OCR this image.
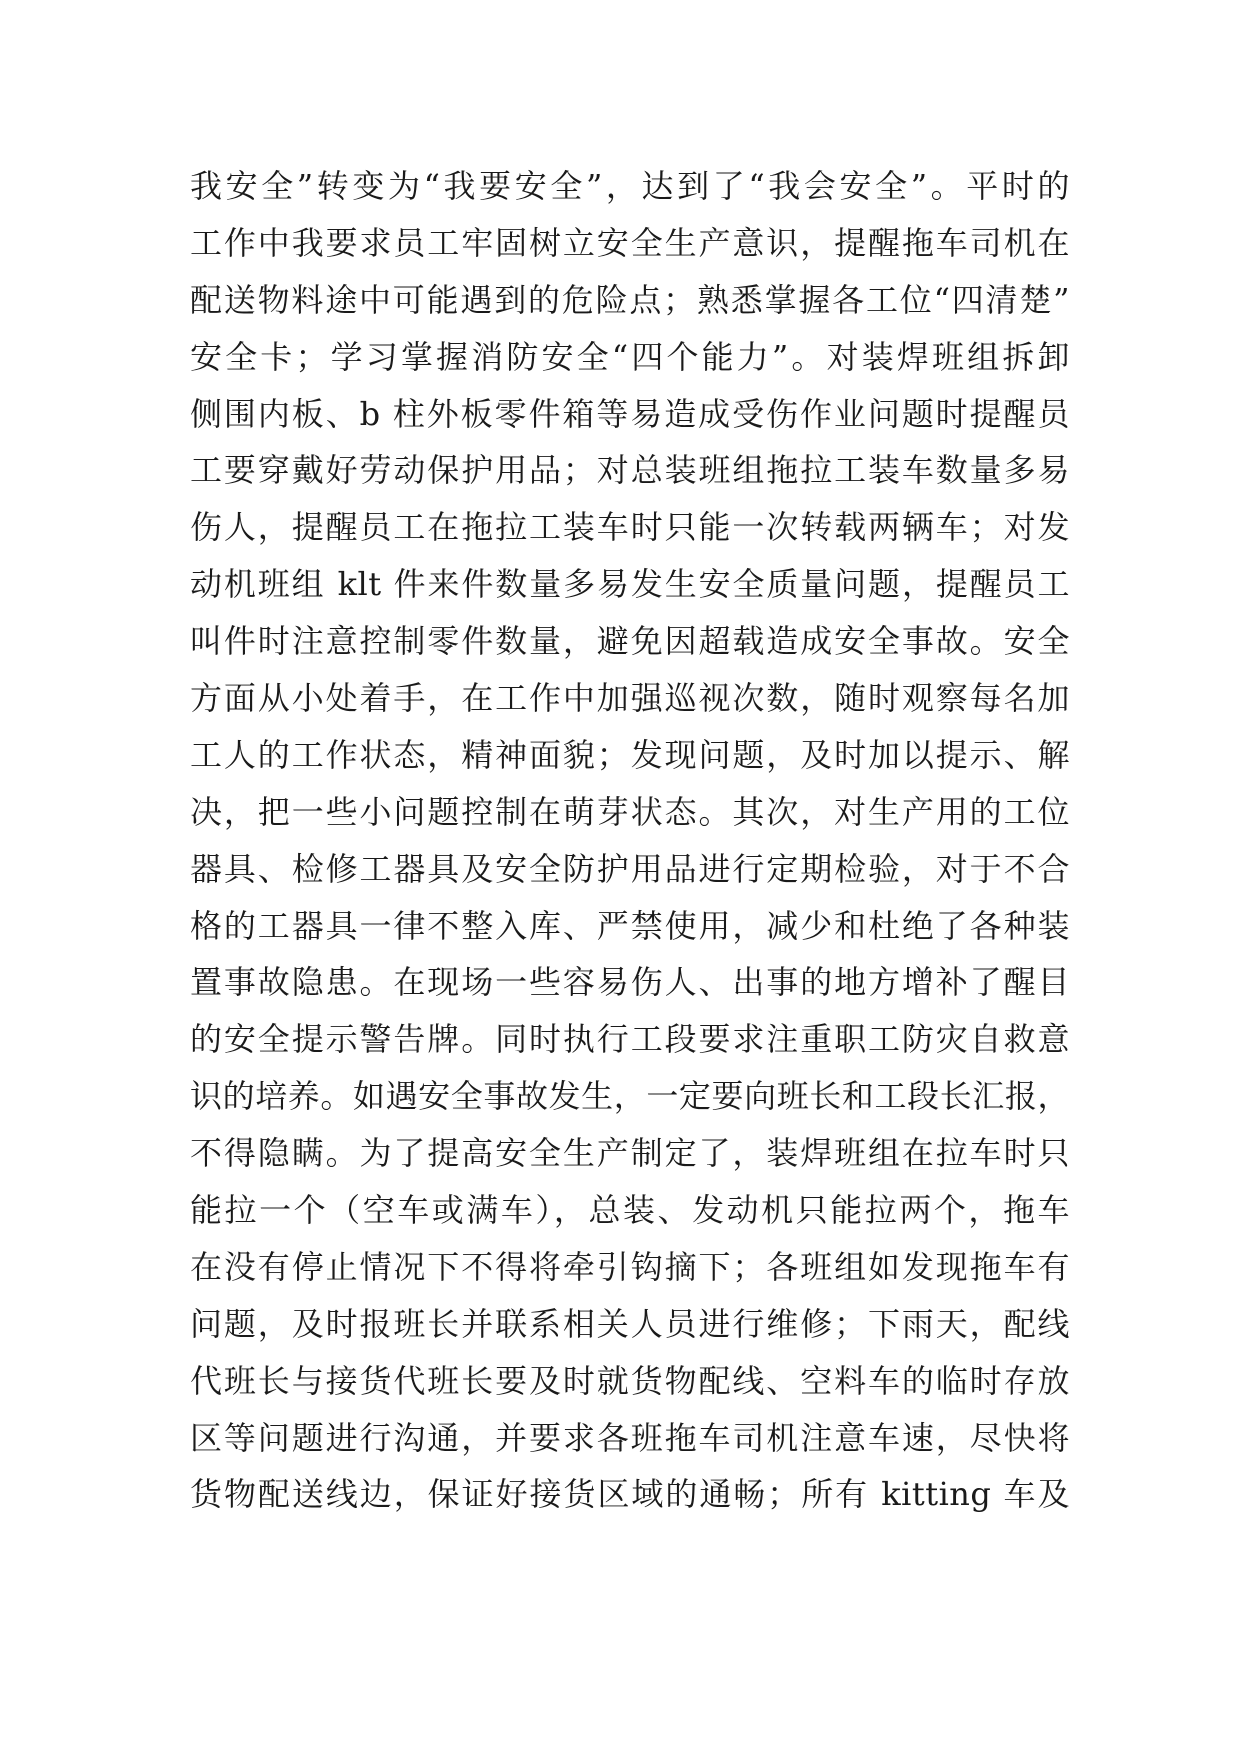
我安全”转变为“我要安全”，达到了“我会安全”。平时的
工作中我要求员工牢固树立安全生产意识，提醒拖车司机在
配送物料途中可能遇到的危险点；熟悉掌握各工位“四清楚”
安全卡；学习掌握消防安全“四个能力”。对装焊班组拆卸
侧围内板、b 柱外板零件箱等易造成受伤作业问题时提醒员
工要穿戴好劳动保护用品；对总装班组拖拉工装车数量多易
伤人，提醒员工在拖拉工装车时只能一次转载两辆车；对发
动机班组 klt 件来件数量多易发生安全质量问题，提醒员工
叫件时注意控制零件数量，避免因超载造成安全事故。安全
方面从小处着手，在工作中加强巡视次数，随时观察每名加
工人的工作状态，精神面貌；发现问题，及时加以提示、解
决，把一些小问题控制在萌芽状态。其次，对生产用的工位
器具、检修工器具及安全防护用品进行定期检验，对于不合
格的工器具一律不整入库、严禁使用，减少和杜绝了各种装
置事故隐患。在现场一些容易伤人、出事的地方增补了醒目
的安全提示警告牌。同时执行工段要求注重职工防灾自救意
识的培养。如遇安全事故发生，一定要向班长和工段长汇报，
不得隐瞒。为了提高安全生产制定了，装焊班组在拉车时只
能拉一个（空车或满车），总装、发动机只能拉两个，拖车
在没有停止情况下不得将牵引钩摘下；各班组如发现拖车有
问题，及时报班长并联系相关人员进行维修；下雨天，配线
代班长与接货代班长要及时就货物配线、空料车的临时存放
区等问题进行沟通，并要求各班拖车司机注意车速，尽快将
货物配送线边，保证好接货区域的通畅；所有 kitting 车及
